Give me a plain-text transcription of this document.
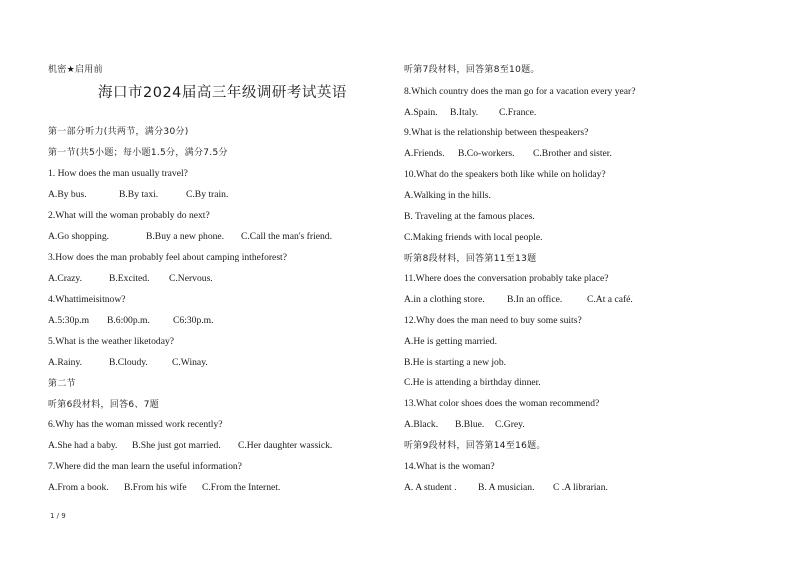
机密★启用前
海口市2024届高三年级调研考试英语
第一部分听力(共两节，满分30分)
第一节(共5小题；每小题1.5分，满分7.5分
1. How does the man usually travel?
A.By bus.	B.By taxi.	C.By train.
2.What will the woman probably do next?
A.Go shopping.	B.Buy a new phone. C.Call the man's friend.
3.How does the man probably feel about camping intheforest?
A.Crazy.	B.Excited. C.Nervous.
4.Whattimeisitnow?
A.5:30p.m B.6:00p.m. C6:30p.m.
5.What is the weather liketoday?
A.Rainy.	B.Cloudy.	C.Winay.
第二节
听第6段材料，回答6、7题
6.Why has the woman missed work recently?
A.She had a baby. B.She just got married. C.Her daughter wassick.
7.Where did the man learn the useful information?
A.From a book. B.From his wife C.From the Internet.
听第7段材料，回答第8至10题。
8.Which country does the man go for a vacation every year?
A.Spain. B.Italy. C.France.
9.What is the relationship between thespeakers?
A.Friends. B.Co-workers. C.Brother and sister.
10.What do the speakers both like while on holiday?
A.Walking in the hills.
B. Traveling at the famous places.
C.Making friends with local people.
听第8段材料，回答第11至13题
11.Where does the conversation probably take place?
A.in a clothing store. B.In an office.	C.At a café.
12.Why does the man need to buy some suits?
A.He is getting married.
B.He is starting a new job.
C.He is attending a birthday dinner.
13.What color shoes does the woman recommend?
A.Black. B.Blue. C.Grey.
听第9段材料，回答第14至16题。
14.What is the woman?
A. A student . B. A musician. C .A librarian.
1 / 9
